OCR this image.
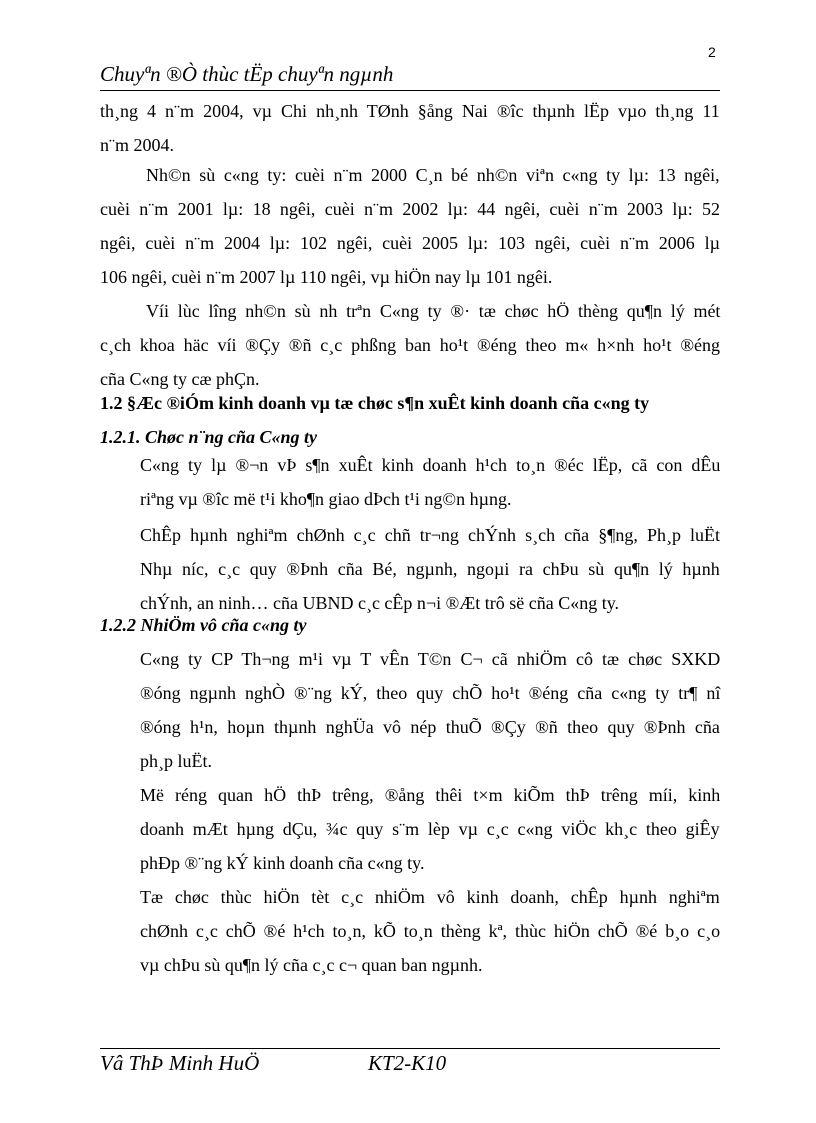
2
Chuyªn ®Ò thùc tËp chuyªn ngµnh
th¸ng 4 n¨m 2004, vµ Chi nh¸nh TØnh §ång Nai ®îc thµnh lËp vµo th¸ng 11
n¨m 2004.
Nh©n sù c«ng ty: cuèi n¨m 2000 C¸n bé nh©n viªn c«ng ty lµ: 13 ngêi,
cuèi n¨m 2001 lµ: 18 ngêi, cuèi n¨m 2002 lµ: 44 ngêi, cuèi n¨m 2003 lµ: 52
ngêi, cuèi n¨m 2004 lµ: 102 ngêi, cuèi 2005 lµ: 103 ngêi, cuèi n¨m 2006 lµ
106 ngêi, cuèi n¨m 2007 lµ 110 ngêi, vµ hiÖn nay lµ 101 ngêi.
Víi lùc lîng nh©n sù nh trªn C«ng ty ®· tæ chøc hÖ thèng qu¶n lý mét
c¸ch khoa häc víi ®Çy ®ñ c¸c phßng ban ho¹t ®éng theo m« h×nh ho¹t ®éng
cña C«ng ty cæ phÇn.
1.2 §Æc ®iÓm kinh doanh vµ tæ chøc s¶n xuÊt kinh doanh cña c«ng ty
1.2.1. Chøc n¨ng cña C«ng ty
C«ng ty lµ ®¬n vÞ s¶n xuÊt kinh doanh h¹ch to¸n ®éc lËp, cã con dÊu
riªng vµ ®îc më t¹i kho¶n giao dÞch t¹i ng©n hµng.
ChÊp hµnh nghiªm chØnh c¸c chñ tr¬ng chÝnh s¸ch cña §¶ng, Ph¸p luËt
Nhµ níc, c¸c quy ®Þnh cña Bé, ngµnh, ngoµi ra chÞu sù qu¶n lý hµnh
chÝnh, an ninh… cña UBND c¸c cÊp n¬i ®Æt trô së cña C«ng ty.
1.2.2 NhiÖm vô cña c«ng ty
C«ng ty CP Th¬ng m¹i vµ T vÊn T©n C¬ cã nhiÖm cô tæ chøc SXKD
®óng ngµnh nghÒ ®¨ng kÝ, theo quy chÕ ho¹t ®éng cña c«ng ty tr¶ nî
®óng h¹n, hoµn thµnh nghÜa vô nép thuÕ ®Çy ®ñ theo quy ®Þnh cña
ph¸p luËt.
Më réng quan hÖ thÞ trêng, ®ång thêi t×m kiÕm thÞ trêng míi, kinh
doanh mÆt hµng dÇu, ¾c quy s¨m lèp vµ c¸c c«ng viÖc kh¸c theo giÊy
phÐp ®¨ng kÝ kinh doanh cña c«ng ty.
Tæ chøc thùc hiÖn tèt c¸c nhiÖm vô kinh doanh, chÊp hµnh nghiªm
chØnh c¸c chÕ ®é h¹ch to¸n, kÕ to¸n thèng kª, thùc hiÖn chÕ ®é b¸o c¸o
vµ chÞu sù qu¶n lý cña c¸c c¬ quan ban ngµnh.
Vâ ThÞ Minh HuÖ	KT2-K10
